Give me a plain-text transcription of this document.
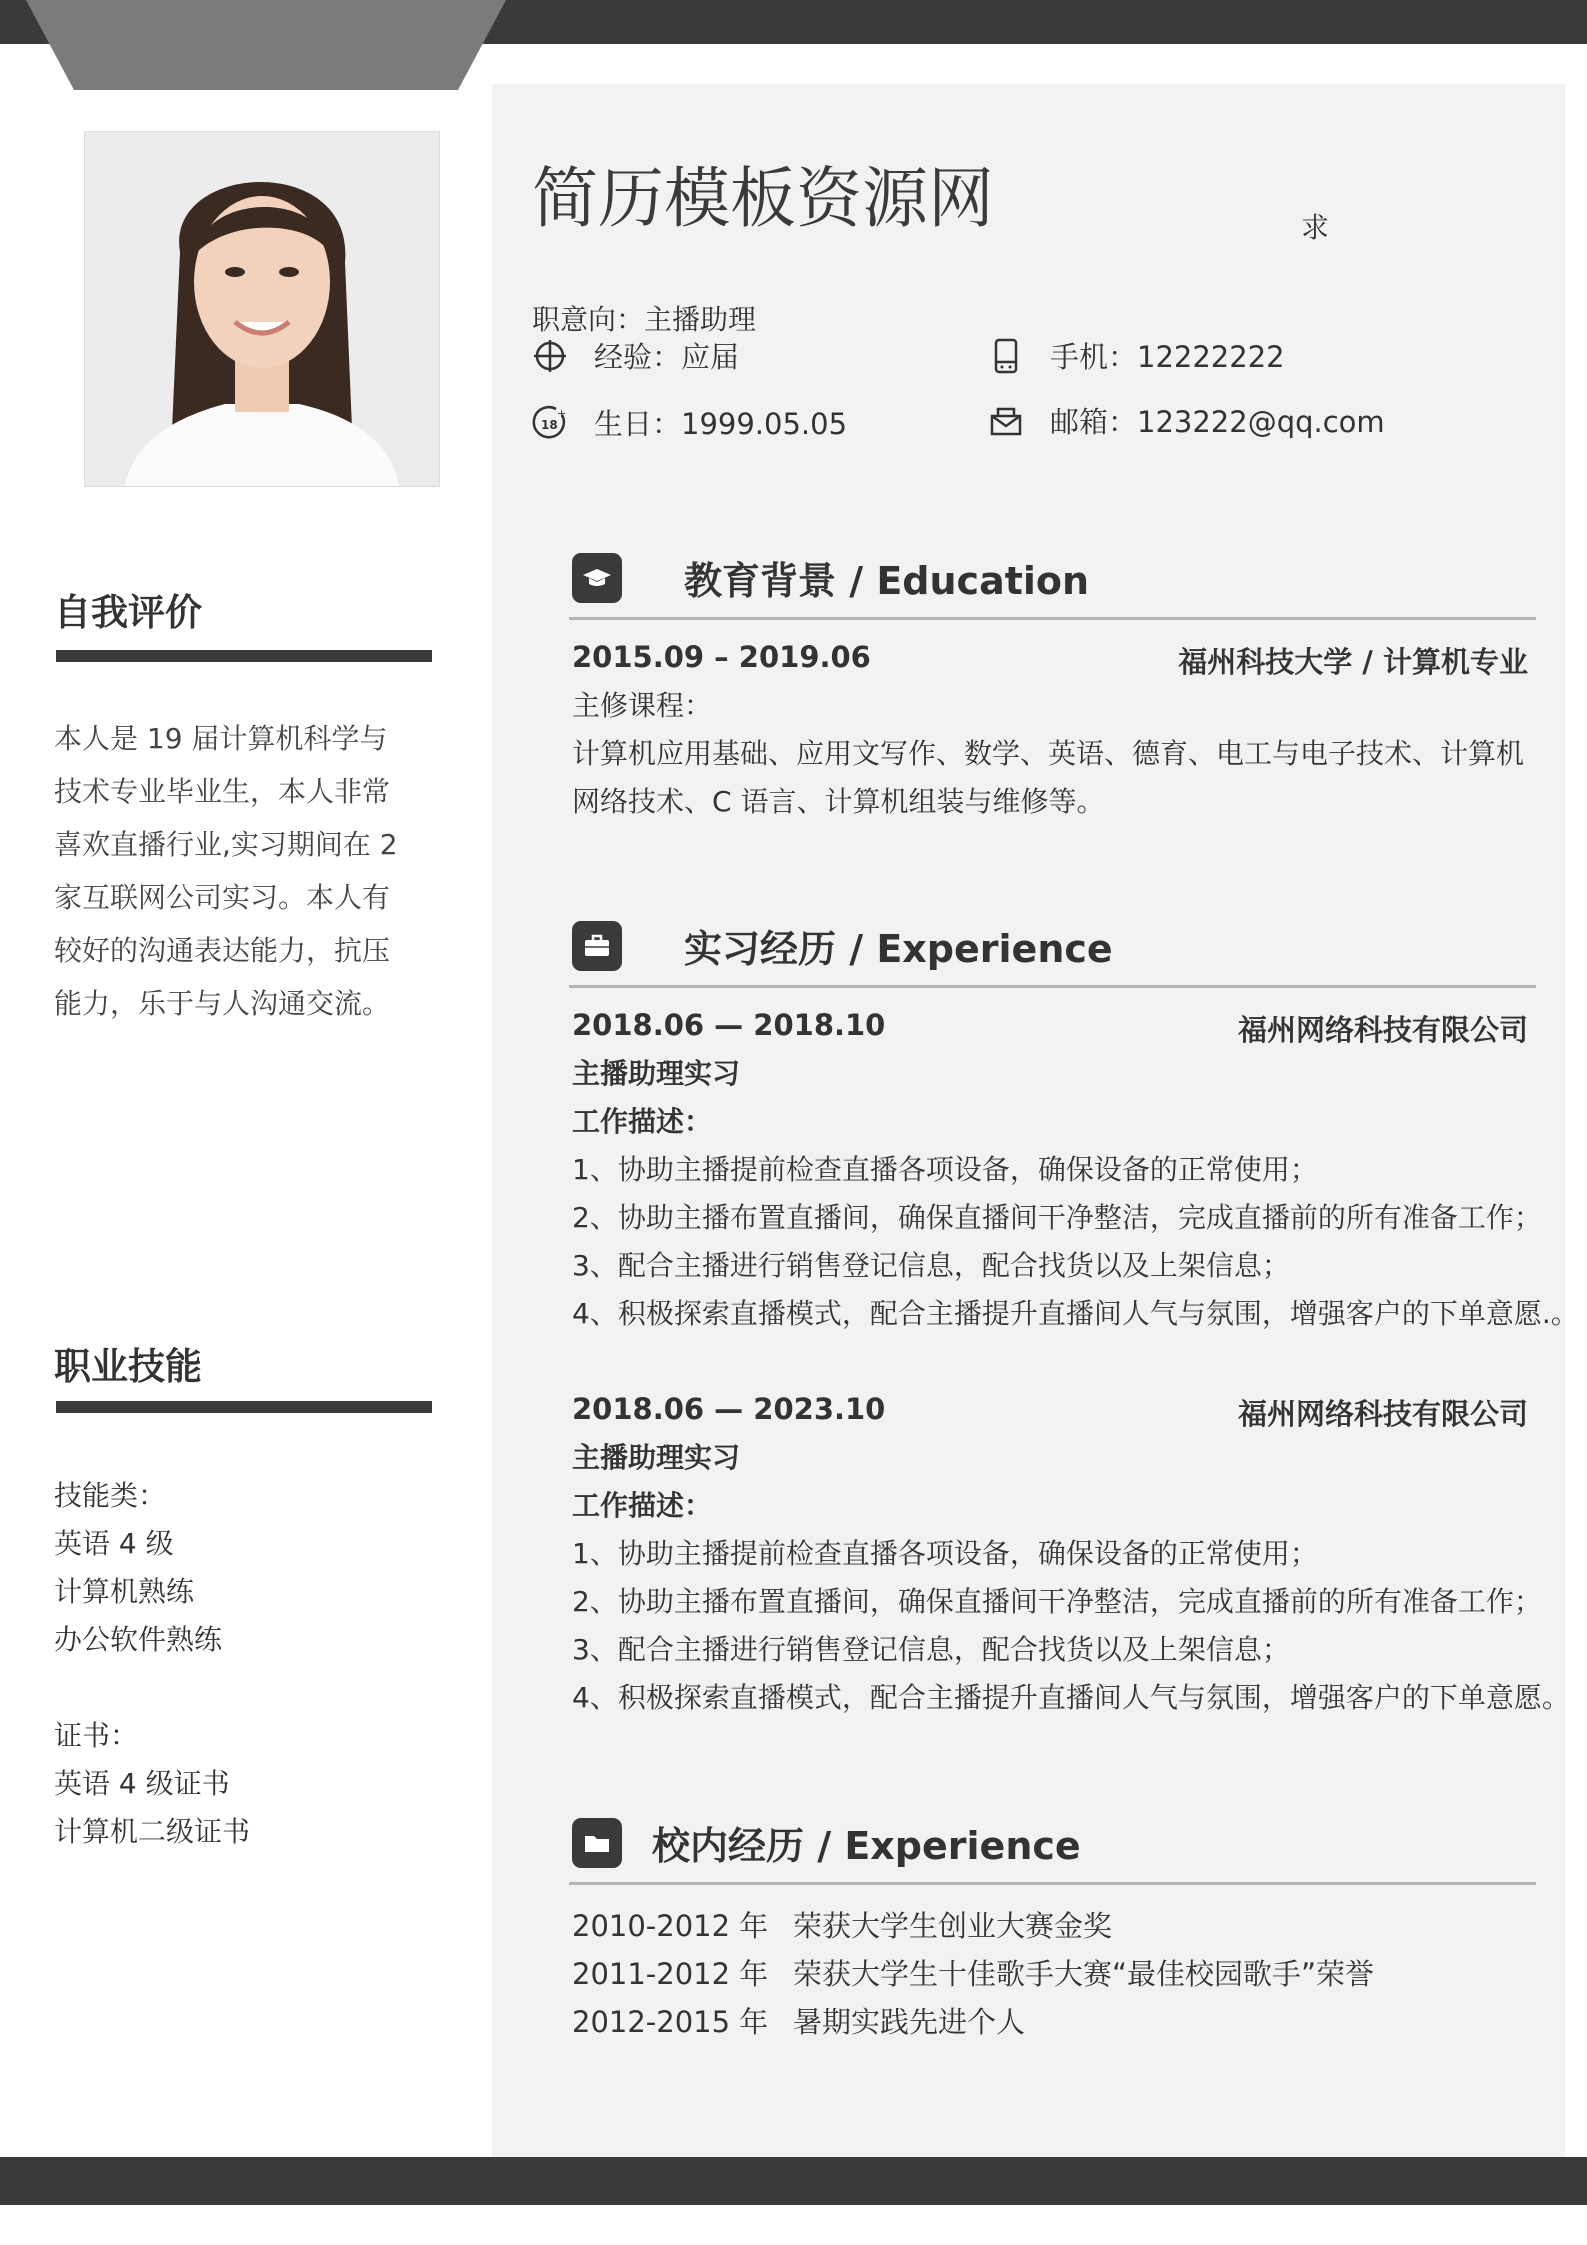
自我评价
本人是 19 届计算机科学与
技术专业毕业生，本人非常
喜欢直播行业,实习期间在 2
家互联网公司实习。本人有
较好的沟通表达能力，抗压
能力，乐于与人沟通交流。
职业技能
技能类：
英语 4 级
计算机熟练
办公软件熟练
证书：
英语 4 级证书
计算机二级证书
简历模板资源网	求
职意向：主播助理
经验：应届	手机：12222222
18
+ 生日：1999.05.05	邮箱：123222@qq.com
教育背景 / Education
2015.09 – 2019.06	福州科技大学 / 计算机专业
主修课程：
计算机应用基础、应用文写作、数学、英语、德育、电工与电子技术、计算机
网络技术、C 语言、计算机组装与维修等。
实习经历 / Experience
2018.06 — 2018.10	福州网络科技有限公司
主播助理实习
工作描述：
1、协助主播提前检查直播各项设备，确保设备的正常使用；
2、协助主播布置直播间，确保直播间干净整洁，完成直播前的所有准备工作；
3、配合主播进行销售登记信息，配合找货以及上架信息；
4、积极探索直播模式，配合主播提升直播间人气与氛围，增强客户的下单意愿.。
2018.06 — 2023.10	福州网络科技有限公司
主播助理实习
工作描述：
1、协助主播提前检查直播各项设备，确保设备的正常使用；
2、协助主播布置直播间，确保直播间干净整洁，完成直播前的所有准备工作；
3、配合主播进行销售登记信息，配合找货以及上架信息；
4、积极探索直播模式，配合主播提升直播间人气与氛围，增强客户的下单意愿。
校内经历 / Experience
2010-2012 年 荣获大学生创业大赛金奖
2011-2012 年 荣获大学生十佳歌手大赛“最佳校园歌手”荣誉
2012-2015 年 暑期实践先进个人
